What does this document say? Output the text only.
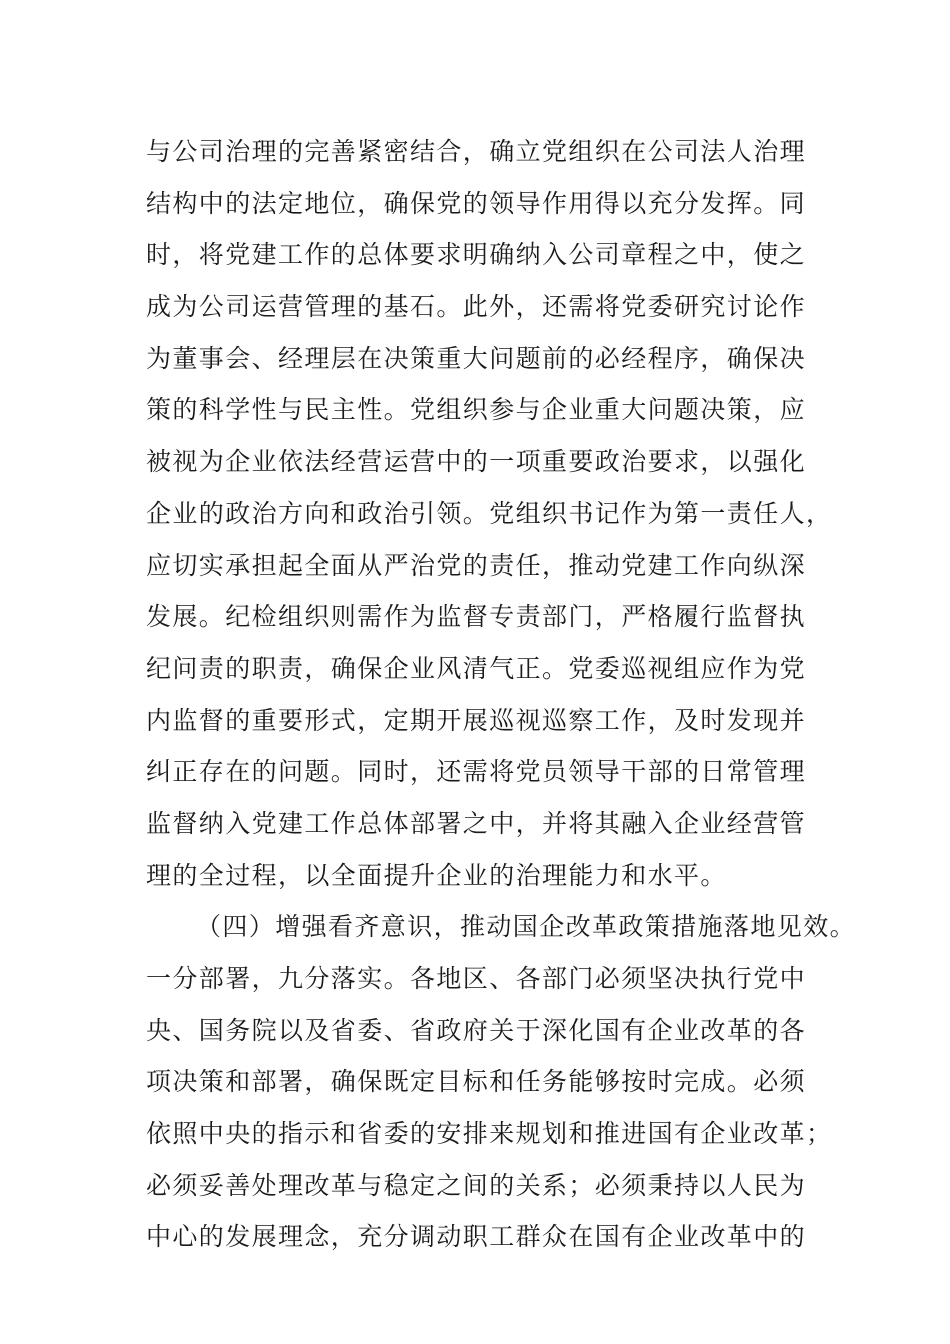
与公司治理的完善紧密结合，确立党组织在公司法人治理
结构中的法定地位，确保党的领导作用得以充分发挥。同
时，将党建工作的总体要求明确纳入公司章程之中，使之
成为公司运营管理的基石。此外，还需将党委研究讨论作
为董事会、经理层在决策重大问题前的必经程序，确保决
策的科学性与民主性。党组织参与企业重大问题决策，应
被视为企业依法经营运营中的一项重要政治要求，以强化
企业的政治方向和政治引领。党组织书记作为第一责任人，
应切实承担起全面从严治党的责任，推动党建工作向纵深
发展。纪检组织则需作为监督专责部门，严格履行监督执
纪问责的职责，确保企业风清气正。党委巡视组应作为党
内监督的重要形式，定期开展巡视巡察工作，及时发现并
纠正存在的问题。同时，还需将党员领导干部的日常管理
监督纳入党建工作总体部署之中，并将其融入企业经营管
理的全过程，以全面提升企业的治理能力和水平。
（四）增强看齐意识，推动国企改革政策措施落地见效。
一分部署，九分落实。各地区、各部门必须坚决执行党中
央、国务院以及省委、省政府关于深化国有企业改革的各
项决策和部署，确保既定目标和任务能够按时完成。必须
依照中央的指示和省委的安排来规划和推进国有企业改革；
必须妥善处理改革与稳定之间的关系；必须秉持以人民为
中心的发展理念，充分调动职工群众在国有企业改革中的
